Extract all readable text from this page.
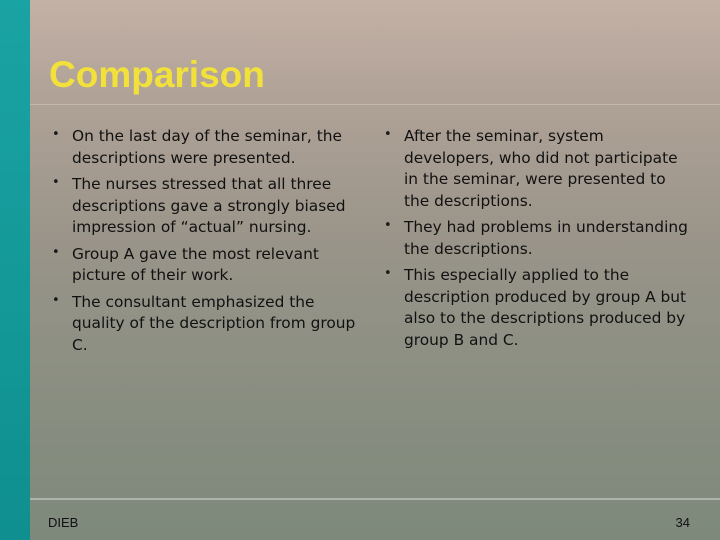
Comparison
• On the last day of the seminar, the descriptions were presented.
• The nurses stressed that all three descriptions gave a strongly biased impression of “actual” nursing.
• Group A gave the most relevant picture of their work.
• The consultant emphasized the quality of the description from group C.
• After the seminar, system developers, who did not participate in the seminar, were presented to the descriptions.
• They had problems in understanding the descriptions.
• This especially applied to the description produced by group A but also to the descriptions produced by group B and C.
DIEB	34
